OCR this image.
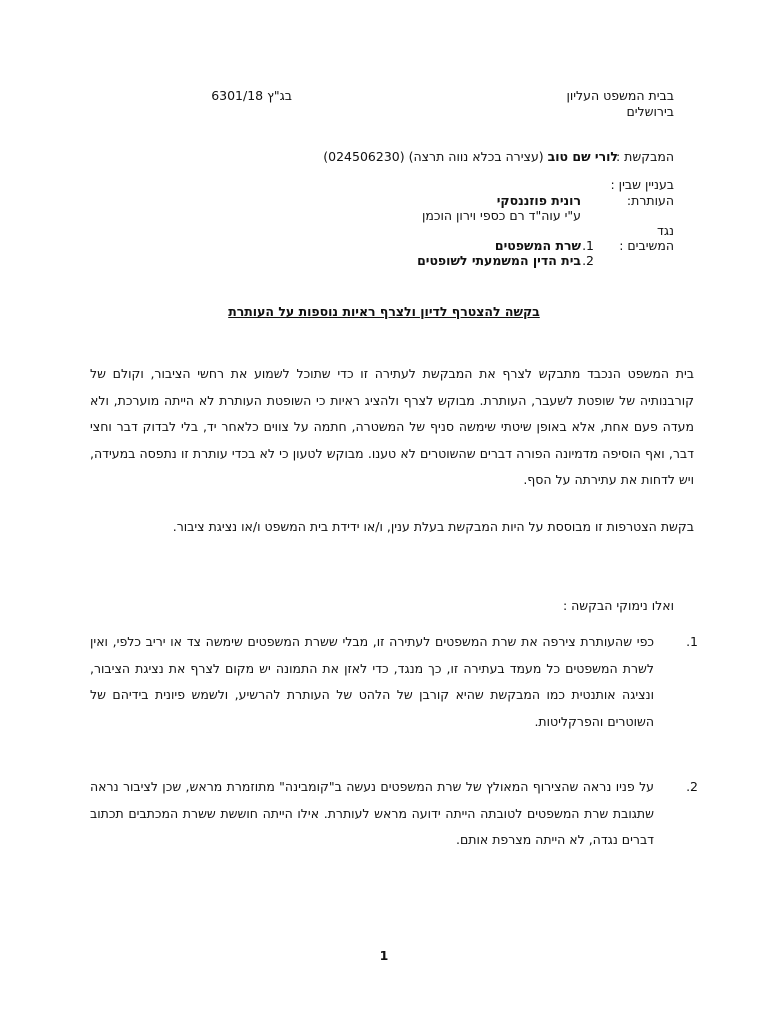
בבית המשפט העליון
בירושלים
בג"ץ 6301/18
המבקשת :
לורי שם טוב (עצירה בכלא נווה תרצה) (024506230)
בעניין שבין :
העותרת:
רונית פוזננסקי
ע"י עוה"ד רם כספי וירון הוכמן
נגד
המשיבים :
1.
שרת המשפטים
2.
בית הדין המשמעתי לשופטים
בקשה להצטרף לדיון ולצרף ראיות נוספות על העותרת
בית המשפט הנכבד מתבקש לצרף את המבקשת לעתירה זו כדי שתוכל לשמוע את רחשי הציבור, וקולם של קורבנותיה של שופטת לשעבר, העותרת. מבוקש לצרף ולהציג ראיות כי השופטת העותרת לא הייתה מוערכת, ולא מעדה פעם אחת, אלא באופן שיטתי שימשה סניף של המשטרה, חתמה על צווים כלאחר יד, בלי לבדוק דבר וחצי דבר, ואף הוסיפה מדמיונה הפורה דברים שהשוטרים לא טענו. מבוקש לטעון כי לא בכדי עותרת זו נתפסה במעידה, ויש לדחות את עתירתה על הסף.
בקשת הצטרפות זו מבוססת על היות המבקשת בעלת ענין, ו/או ידידת בית המשפט ו/או נציגת ציבור.
ואלו נימוקי הבקשה :
1.
כפי שהעותרת צירפה את שרת המשפטים לעתירה זו, מבלי ששרת המשפטים שימשה צד או יריב כלפי, ואין לשרת המשפטים כל מעמד בעתירה זו, כך מנגד, כדי לאזן את התמונה יש מקום לצרף את נציגת הציבור, ונציגה אותנטית כמו המבקשת שהיא קורבן של הלהט של העותרת להרשיע, ולשמש פיונית בידיהם של השוטרים והפרקליטות.
2.
על פניו נראה שהצירוף המאולץ של שרת המשפטים נעשה ב"קומבינה" מתוזמרת מראש, שכן לציבור נראה שתגובת שרת המשפטים לטובתה הייתה ידועה מראש לעותרת. אילו הייתה חוששת ששרת המכתבים תכתוב דברים נגדה, לא הייתה מצרפת אותם.
1
